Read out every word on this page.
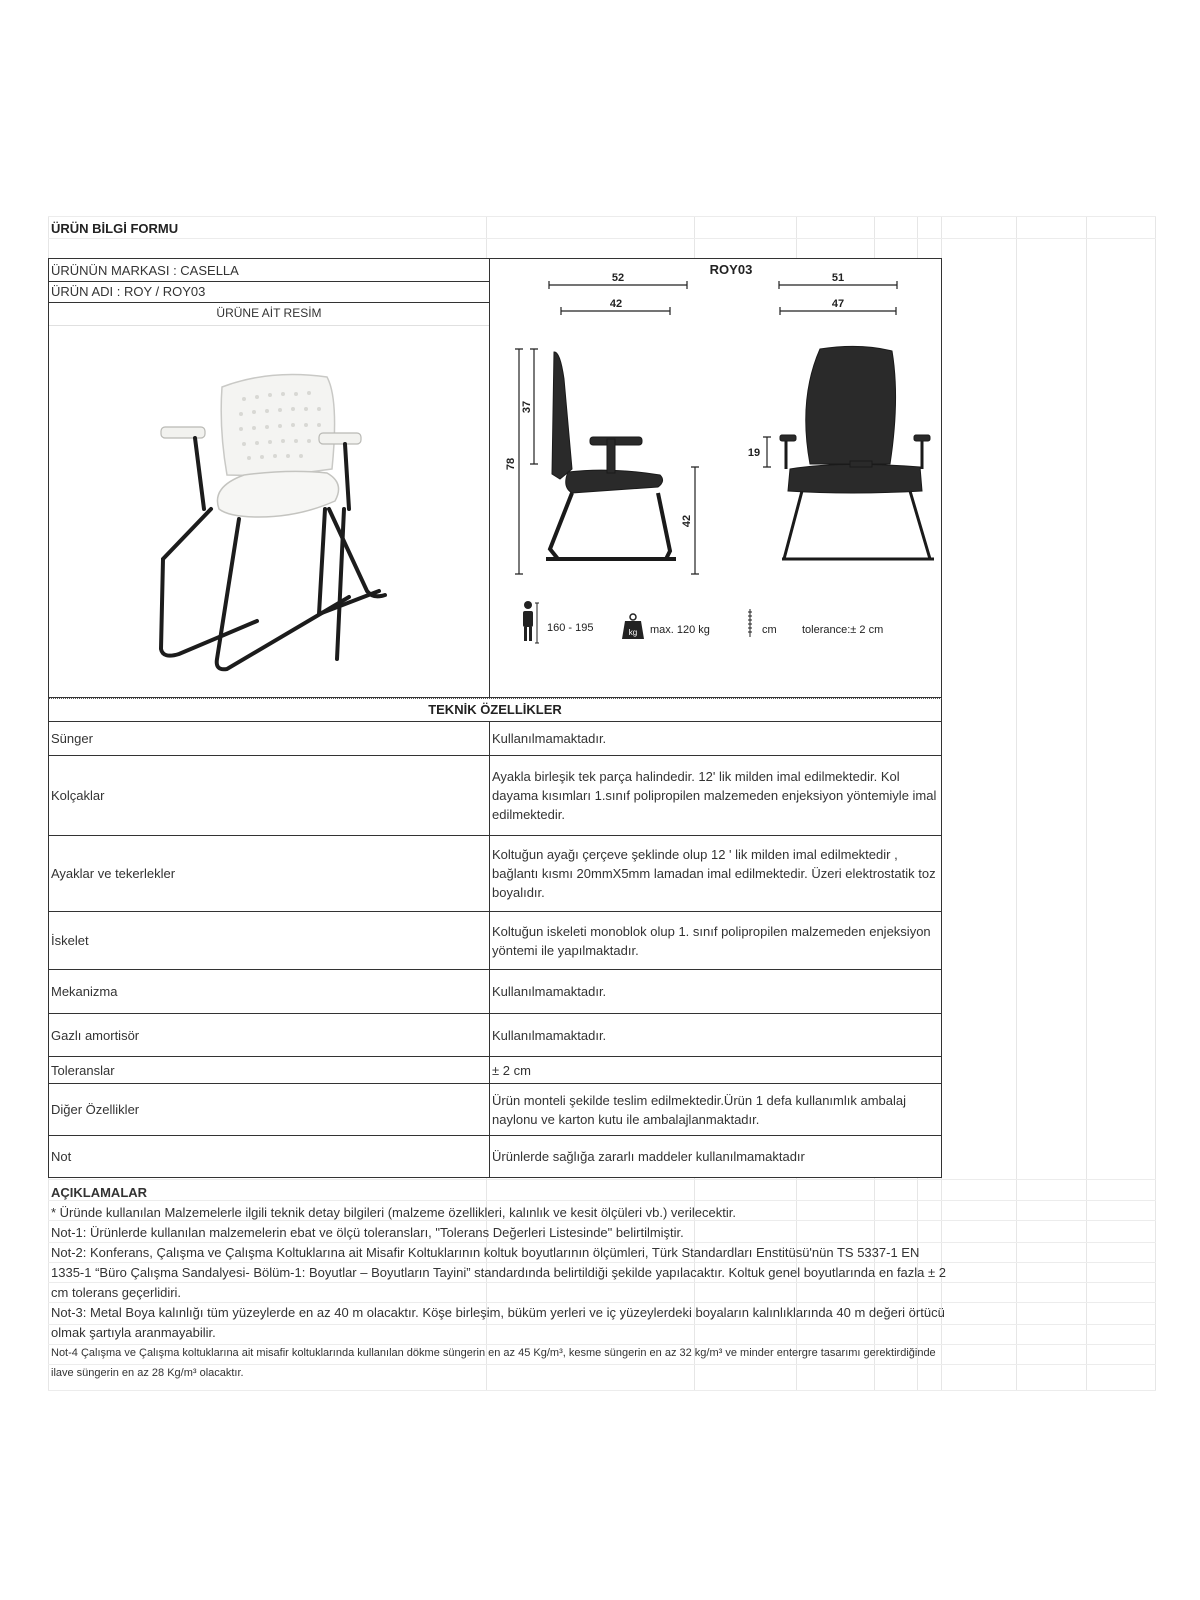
ÜRÜN BİLGİ FORMU
ÜRÜNÜN MARKASI : CASELLA
ÜRÜN ADI : ROY / ROY03
ÜRÜNE AİT RESİM
ROY03
52
42
51
47
78
37
42
19
160 - 195	kg max. 120 kg	cm tolerance:± 2 cm
TEKNİK ÖZELLİKLER
Sünger	Kullanılmamaktadır.
Kolçaklar	Ayakla birleşik tek parça halindedir. 12' lik milden imal edilmektedir. Kol dayama kısımları 1.sınıf polipropilen malzemeden enjeksiyon yöntemiyle imal edilmektedir.
Ayaklar ve tekerlekler	Koltuğun ayağı çerçeve şeklinde olup 12 ' lik milden imal edilmektedir , bağlantı kısmı 20mmX5mm lamadan imal edilmektedir. Üzeri elektrostatik toz boyalıdır.
İskelet	Koltuğun iskeleti monoblok olup 1. sınıf polipropilen malzemeden enjeksiyon yöntemi ile yapılmaktadır.
Mekanizma	Kullanılmamaktadır.
Gazlı amortisör	Kullanılmamaktadır.
Toleranslar	± 2 cm
Diğer Özellikler	Ürün monteli şekilde teslim edilmektedir.Ürün 1 defa kullanımlık ambalaj naylonu ve karton kutu ile ambalajlanmaktadır.
Not	Ürünlerde sağlığa zararlı maddeler kullanılmamaktadır

AÇIKLAMALAR

* Üründe kullanılan Malzemelerle ilgili teknik detay bilgileri (malzeme özellikleri, kalınlık ve kesit ölçüleri vb.) verilecektir.

Not-1: Ürünlerde kullanılan malzemelerin ebat ve ölçü toleransları, "Tolerans Değerleri Listesinde" belirtilmiştir.

Not-2: Konferans, Çalışma ve Çalışma Koltuklarına ait Misafir Koltuklarının koltuk boyutlarının ölçümleri, Türk Standardları Enstitüsü'nün TS 5337-1 EN 1335-1 “Büro Çalışma Sandalyesi- Bölüm-1: Boyutlar – Boyutların Tayini” standardında belirtildiği şekilde yapılacaktır. Koltuk genel boyutlarında en fazla ± 2 cm tolerans geçerlidiri.

Not-3: Metal Boya kalınlığı tüm yüzeylerde en az 40 m olacaktır. Köşe birleşim, büküm yerleri ve iç yüzeylerdeki boyaların kalınlıklarında 40 m değeri örtücü olmak şartıyla aranmayabilir.

Not-4 Çalışma ve Çalışma koltuklarına ait misafir koltuklarında kullanılan dökme süngerin en az 45 Kg/m³, kesme süngerin en az 32 kg/m³ ve minder entergre tasarımı gerektirdiğinde ilave süngerin en az 28 Kg/m³ olacaktır.
